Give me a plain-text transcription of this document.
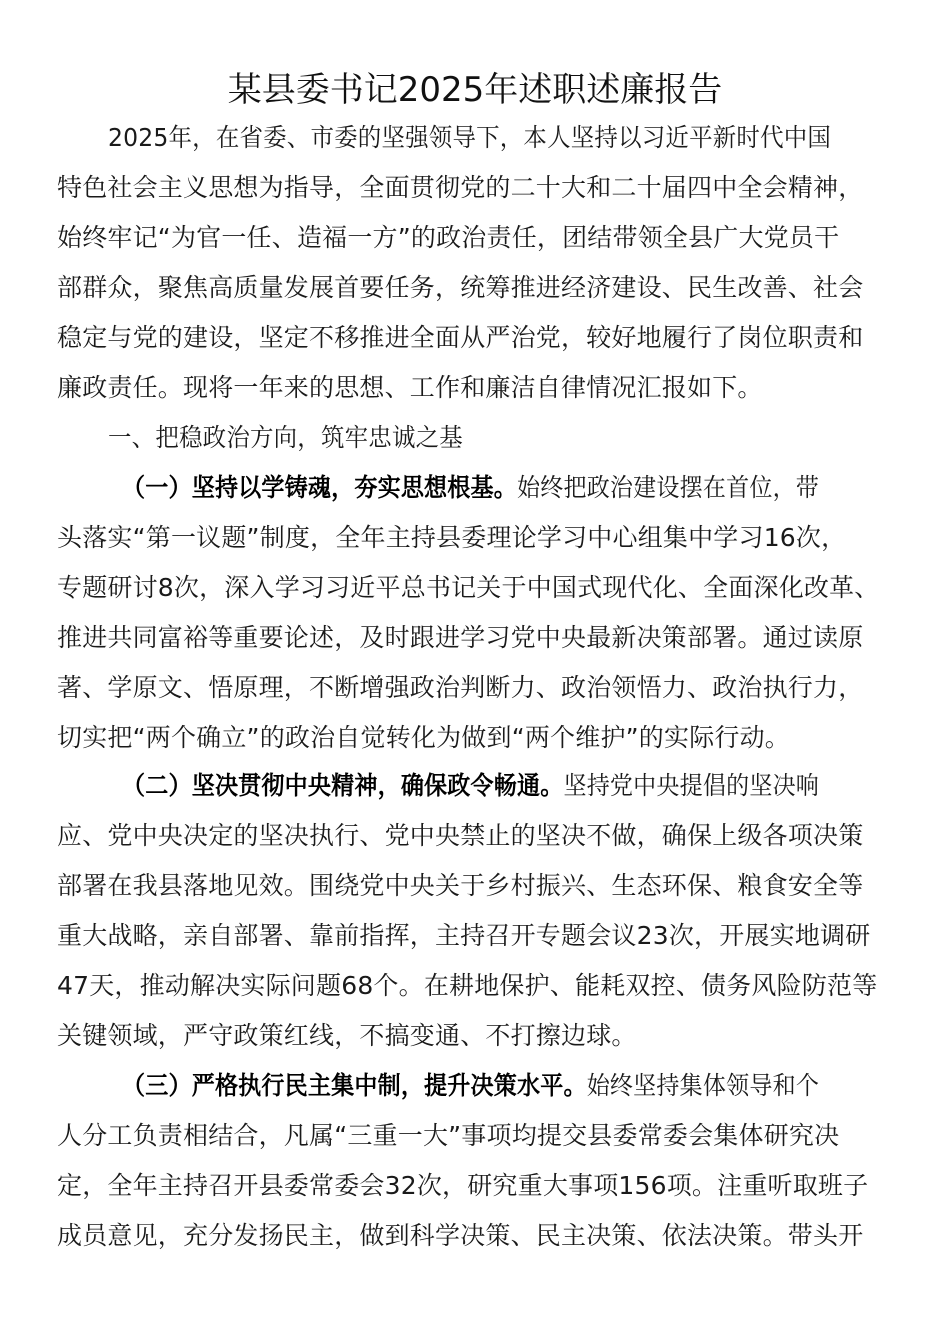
某县委书记2025年述职述廉报告
2025年，在省委、市委的坚强领导下，本人坚持以习近平新时代中国
特色社会主义思想为指导，全面贯彻党的二十大和二十届四中全会精神，
始终牢记“为官一任、造福一方”的政治责任，团结带领全县广大党员干
部群众，聚焦高质量发展首要任务，统筹推进经济建设、民生改善、社会
稳定与党的建设，坚定不移推进全面从严治党，较好地履行了岗位职责和
廉政责任。现将一年来的思想、工作和廉洁自律情况汇报如下。
一、把稳政治方向，筑牢忠诚之基
（一）坚持以学铸魂，夯实思想根基。始终把政治建设摆在首位，带
头落实“第一议题”制度，全年主持县委理论学习中心组集中学习16次，
专题研讨8次，深入学习习近平总书记关于中国式现代化、全面深化改革、
推进共同富裕等重要论述，及时跟进学习党中央最新决策部署。通过读原
著、学原文、悟原理，不断增强政治判断力、政治领悟力、政治执行力，
切实把“两个确立”的政治自觉转化为做到“两个维护”的实际行动。
（二）坚决贯彻中央精神，确保政令畅通。坚持党中央提倡的坚决响
应、党中央决定的坚决执行、党中央禁止的坚决不做，确保上级各项决策
部署在我县落地见效。围绕党中央关于乡村振兴、生态环保、粮食安全等
重大战略，亲自部署、靠前指挥，主持召开专题会议23次，开展实地调研
47天，推动解决实际问题68个。在耕地保护、能耗双控、债务风险防范等
关键领域，严守政策红线，不搞变通、不打擦边球。
（三）严格执行民主集中制，提升决策水平。始终坚持集体领导和个
人分工负责相结合，凡属“三重一大”事项均提交县委常委会集体研究决
定，全年主持召开县委常委会32次，研究重大事项156项。注重听取班子
成员意见，充分发扬民主，做到科学决策、民主决策、依法决策。带头开
